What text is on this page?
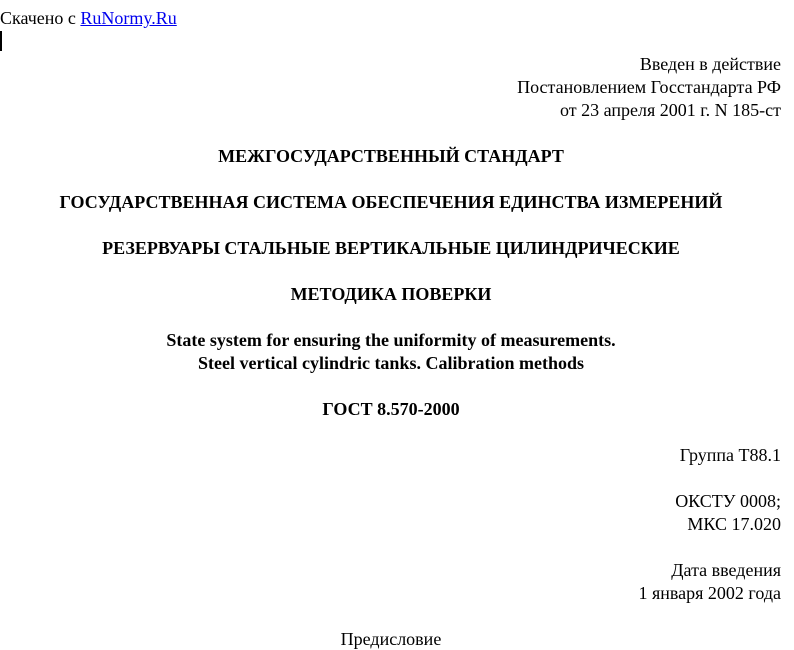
Скачено с RuNormy.Ru
Введен в действие
Постановлением Госстандарта РФ
от 23 апреля 2001 г. N 185-ст
МЕЖГОСУДАРСТВЕННЫЙ СТАНДАРТ
ГОСУДАРСТВЕННАЯ СИСТЕМА ОБЕСПЕЧЕНИЯ ЕДИНСТВА ИЗМЕРЕНИЙ
РЕЗЕРВУАРЫ СТАЛЬНЫЕ ВЕРТИКАЛЬНЫЕ ЦИЛИНДРИЧЕСКИЕ
МЕТОДИКА ПОВЕРКИ
State system for ensuring the uniformity of measurements.
Steel vertical cylindric tanks. Calibration methods
ГОСТ 8.570-2000
Группа Т88.1
ОКСТУ 0008;
МКС 17.020
Дата введения
1 января 2002 года
Предисловие
